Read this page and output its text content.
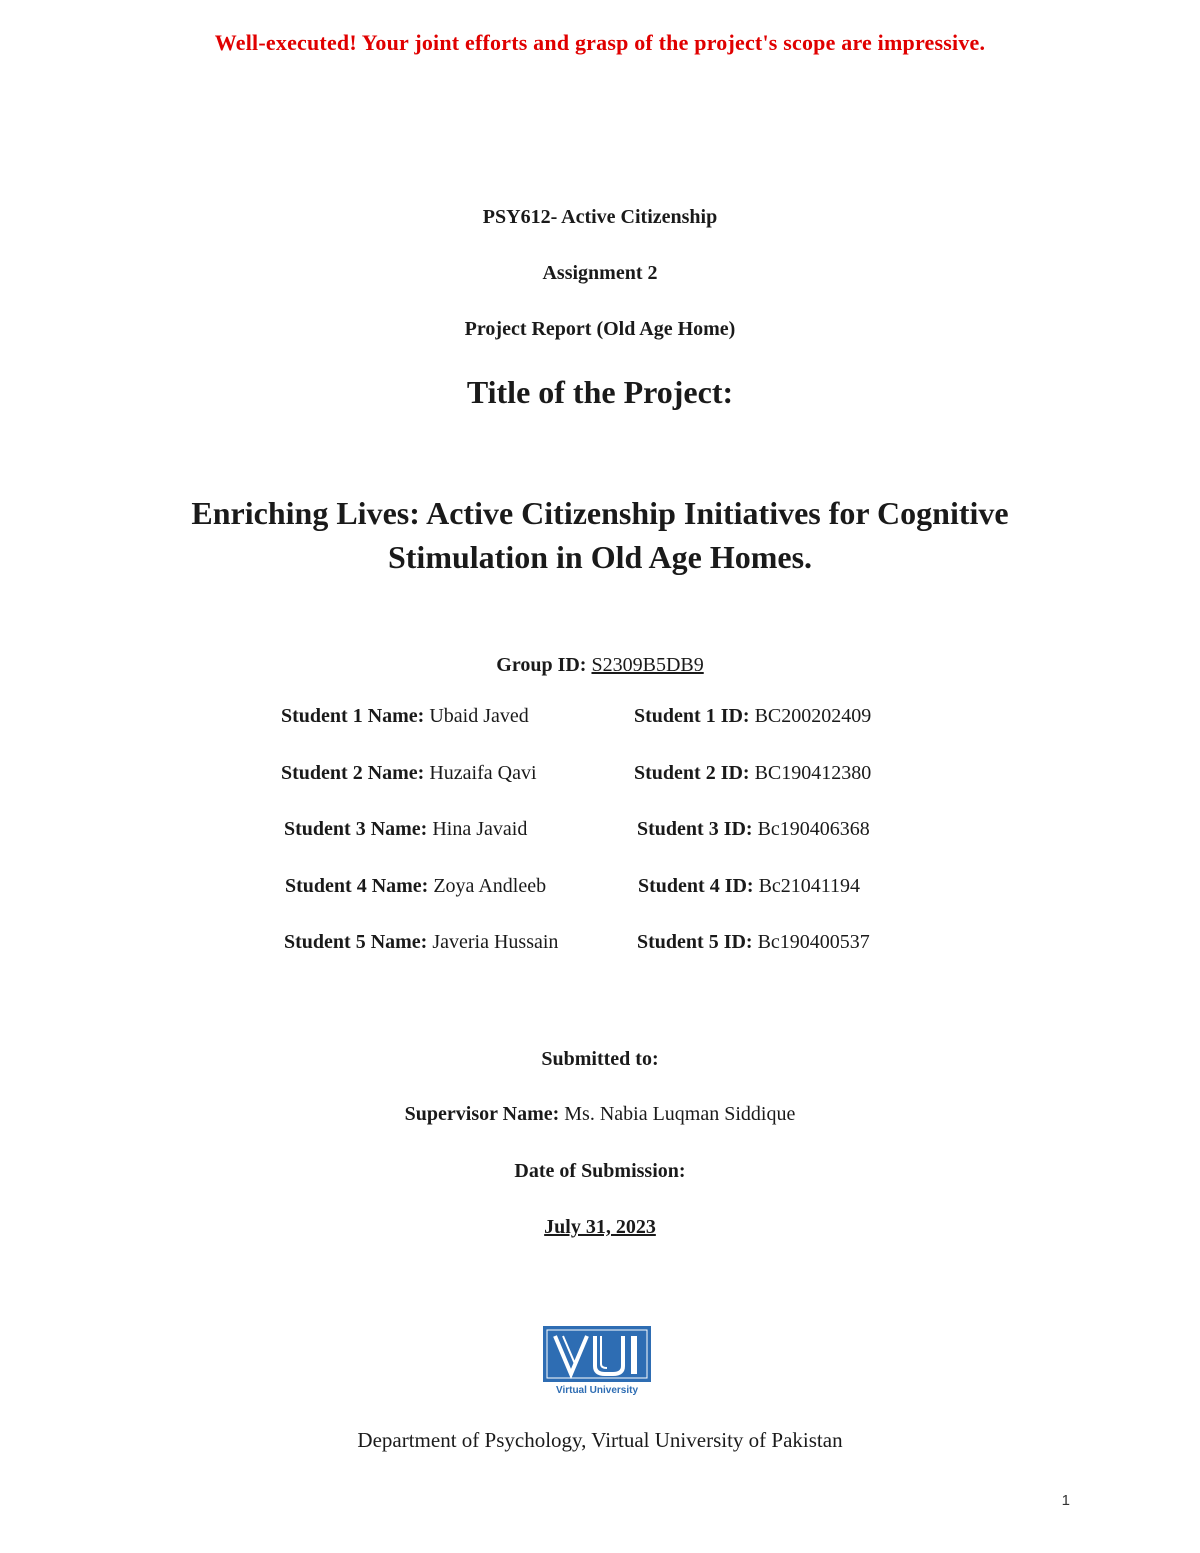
Well-executed! Your joint efforts and grasp of the project's scope are impressive.
PSY612- Active Citizenship
Assignment 2
Project Report (Old Age Home)
Title of the Project:
Enriching Lives: Active Citizenship Initiatives for Cognitive
Stimulation in Old Age Homes.
Group ID: S2309B5DB9
Student 1 Name: Ubaid Javed	Student 1 ID: BC200202409
Student 2 Name: Huzaifa Qavi	Student 2 ID: BC190412380
Student 3 Name: Hina Javaid	Student 3 ID: Bc190406368
Student 4 Name: Zoya Andleeb	Student 4 ID: Bc21041194
Student 5 Name: Javeria Hussain	Student 5 ID: Bc190400537
Submitted to:
Supervisor Name: Ms. Nabia Luqman Siddique
Date of Submission:
July 31, 2023
Virtual University
Department of Psychology, Virtual University of Pakistan
1
